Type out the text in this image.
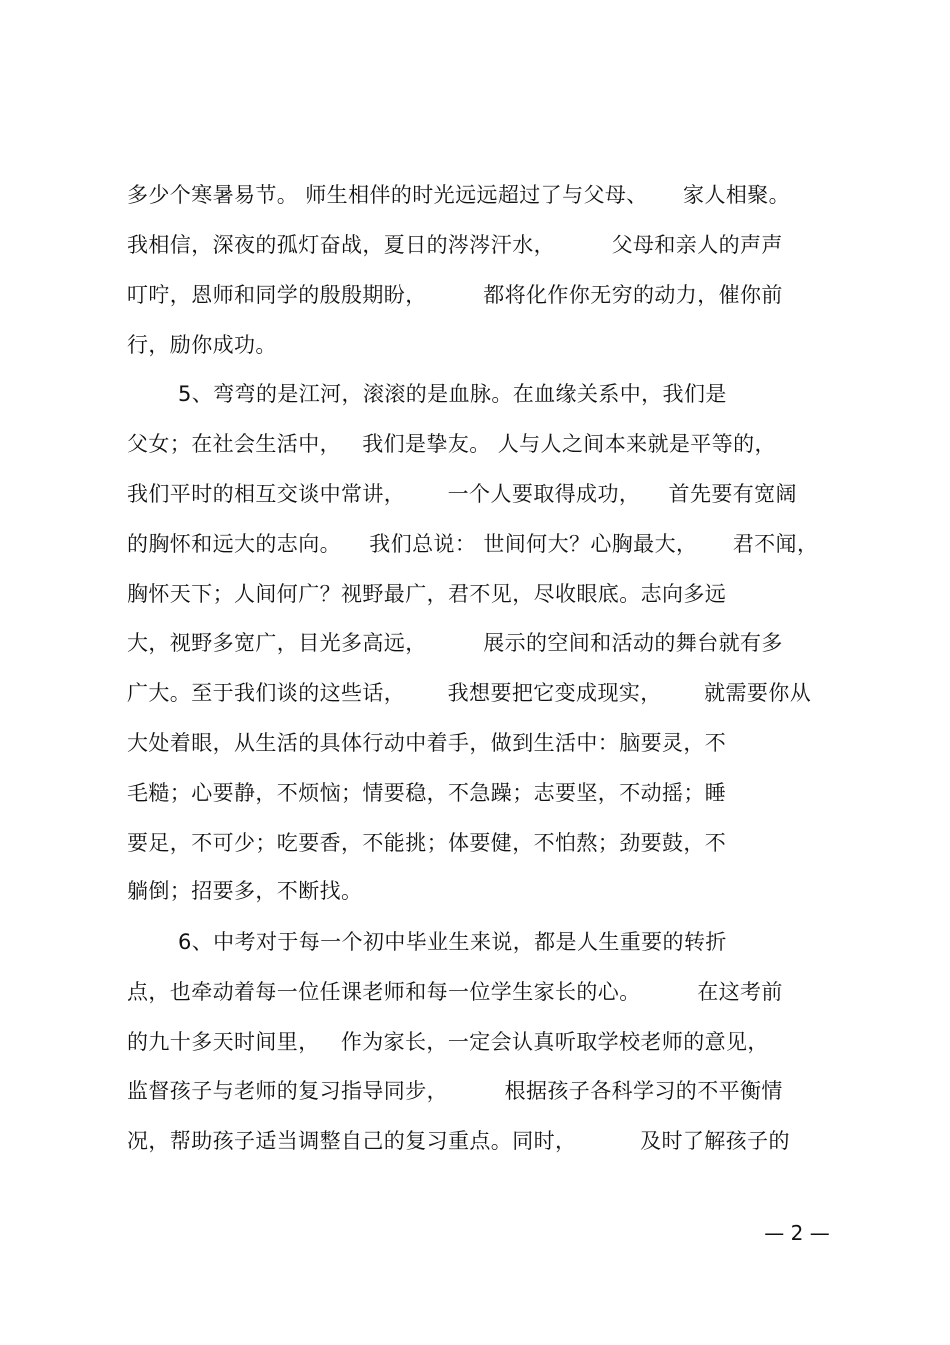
多少个寒暑易节。 师生相伴的时光远远超过了与父母、     家人相聚。
我相信，深夜的孤灯奋战，夏日的涔涔汗水，        父母和亲人的声声
叮咛，恩师和同学的殷殷期盼，        都将化作你无穷的动力，催你前
行，励你成功。
5、弯弯的是江河，滚滚的是血脉。在血缘关系中，我们是
父女；在社会生活中，   我们是挚友。 人与人之间本来就是平等的，
我们平时的相互交谈中常讲，      一个人要取得成功，    首先要有宽阔
的胸怀和远大的志向。    我们总说： 世间何大？心胸最大，     君不闻，
胸怀天下；人间何广？视野最广，君不见，尽收眼底。志向多远
大，视野多宽广，目光多高远，        展示的空间和活动的舞台就有多
广大。至于我们谈的这些话，      我想要把它变成现实，      就需要你从
大处着眼，从生活的具体行动中着手，做到生活中：脑要灵，不
毛糙；心要静，不烦恼；情要稳，不急躁；志要坚，不动摇；睡
要足，不可少；吃要香，不能挑；体要健，不怕熬；劲要鼓，不
躺倒；招要多，不断找。
6、中考对于每一个初中毕业生来说，都是人生重要的转折
点，也牵动着每一位任课老师和每一位学生家长的心。        在这考前
的九十多天时间里，   作为家长，一定会认真听取学校老师的意见，
监督孩子与老师的复习指导同步，        根据孩子各科学习的不平衡情
况，帮助孩子适当调整自己的复习重点。同时，         及时了解孩子的
— 2 —
